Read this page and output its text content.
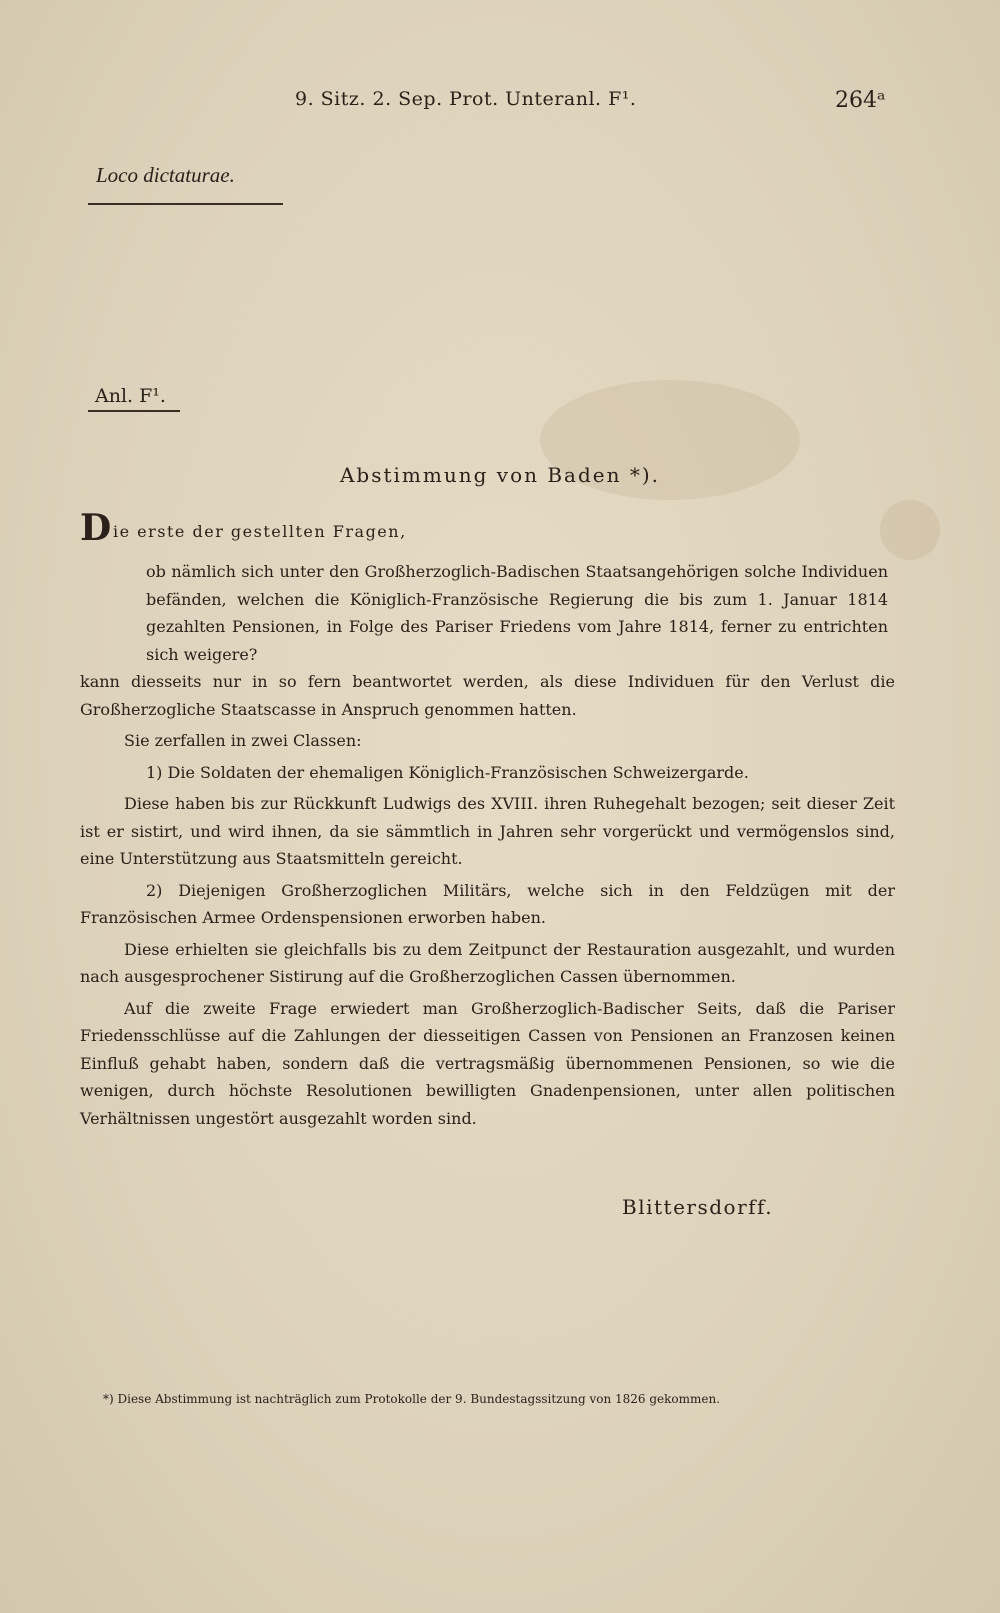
9. Sitz. 2. Sep. Prot. Unteranl. F¹.	264ᵃ
Loco dictaturae.
Anl. F¹.
Abstimmung von Baden *).
D ie erste der gestellten Fragen,
ob nämlich sich unter den Großherzoglich-Badischen Staatsangehörigen solche Individuen befänden, welchen die Königlich-Französische Regierung die bis zum 1. Januar 1814 gezahlten Pensionen, in Folge des Pariser Friedens vom Jahre 1814, ferner zu entrichten sich weigere?

kann diesseits nur in so fern beantwortet werden, als diese Individuen für den Verlust die Großherzogliche Staatscasse in Anspruch genommen hatten.

Sie zerfallen in zwei Classen:

1) Die Soldaten der ehemaligen Königlich-Französischen Schweizergarde.

Diese haben bis zur Rückkunft Ludwigs des XVIII. ihren Ruhegehalt bezogen; seit dieser Zeit ist er sistirt, und wird ihnen, da sie sämmtlich in Jahren sehr vorgerückt und vermögenslos sind, eine Unterstützung aus Staatsmitteln gereicht.

2) Diejenigen Großherzoglichen Militärs, welche sich in den Feldzügen mit der Französischen Armee Ordenspensionen erworben haben.

Diese erhielten sie gleichfalls bis zu dem Zeitpunct der Restauration ausgezahlt, und wurden nach ausgesprochener Sistirung auf die Großherzoglichen Cassen übernommen.

Auf die zweite Frage erwiedert man Großherzoglich-Badischer Seits, daß die Pariser Friedensschlüsse auf die Zahlungen der diesseitigen Cassen von Pensionen an Franzosen keinen Einfluß gehabt haben, sondern daß die vertragsmäßig übernommenen Pensionen, so wie die wenigen, durch höchste Resolutionen bewilligten Gnadenpensionen, unter allen politischen Verhältnissen ungestört ausgezahlt worden sind.

Blittersdorff.
*) Diese Abstimmung ist nachträglich zum Protokolle der 9. Bundestagssitzung von 1826 gekommen.
